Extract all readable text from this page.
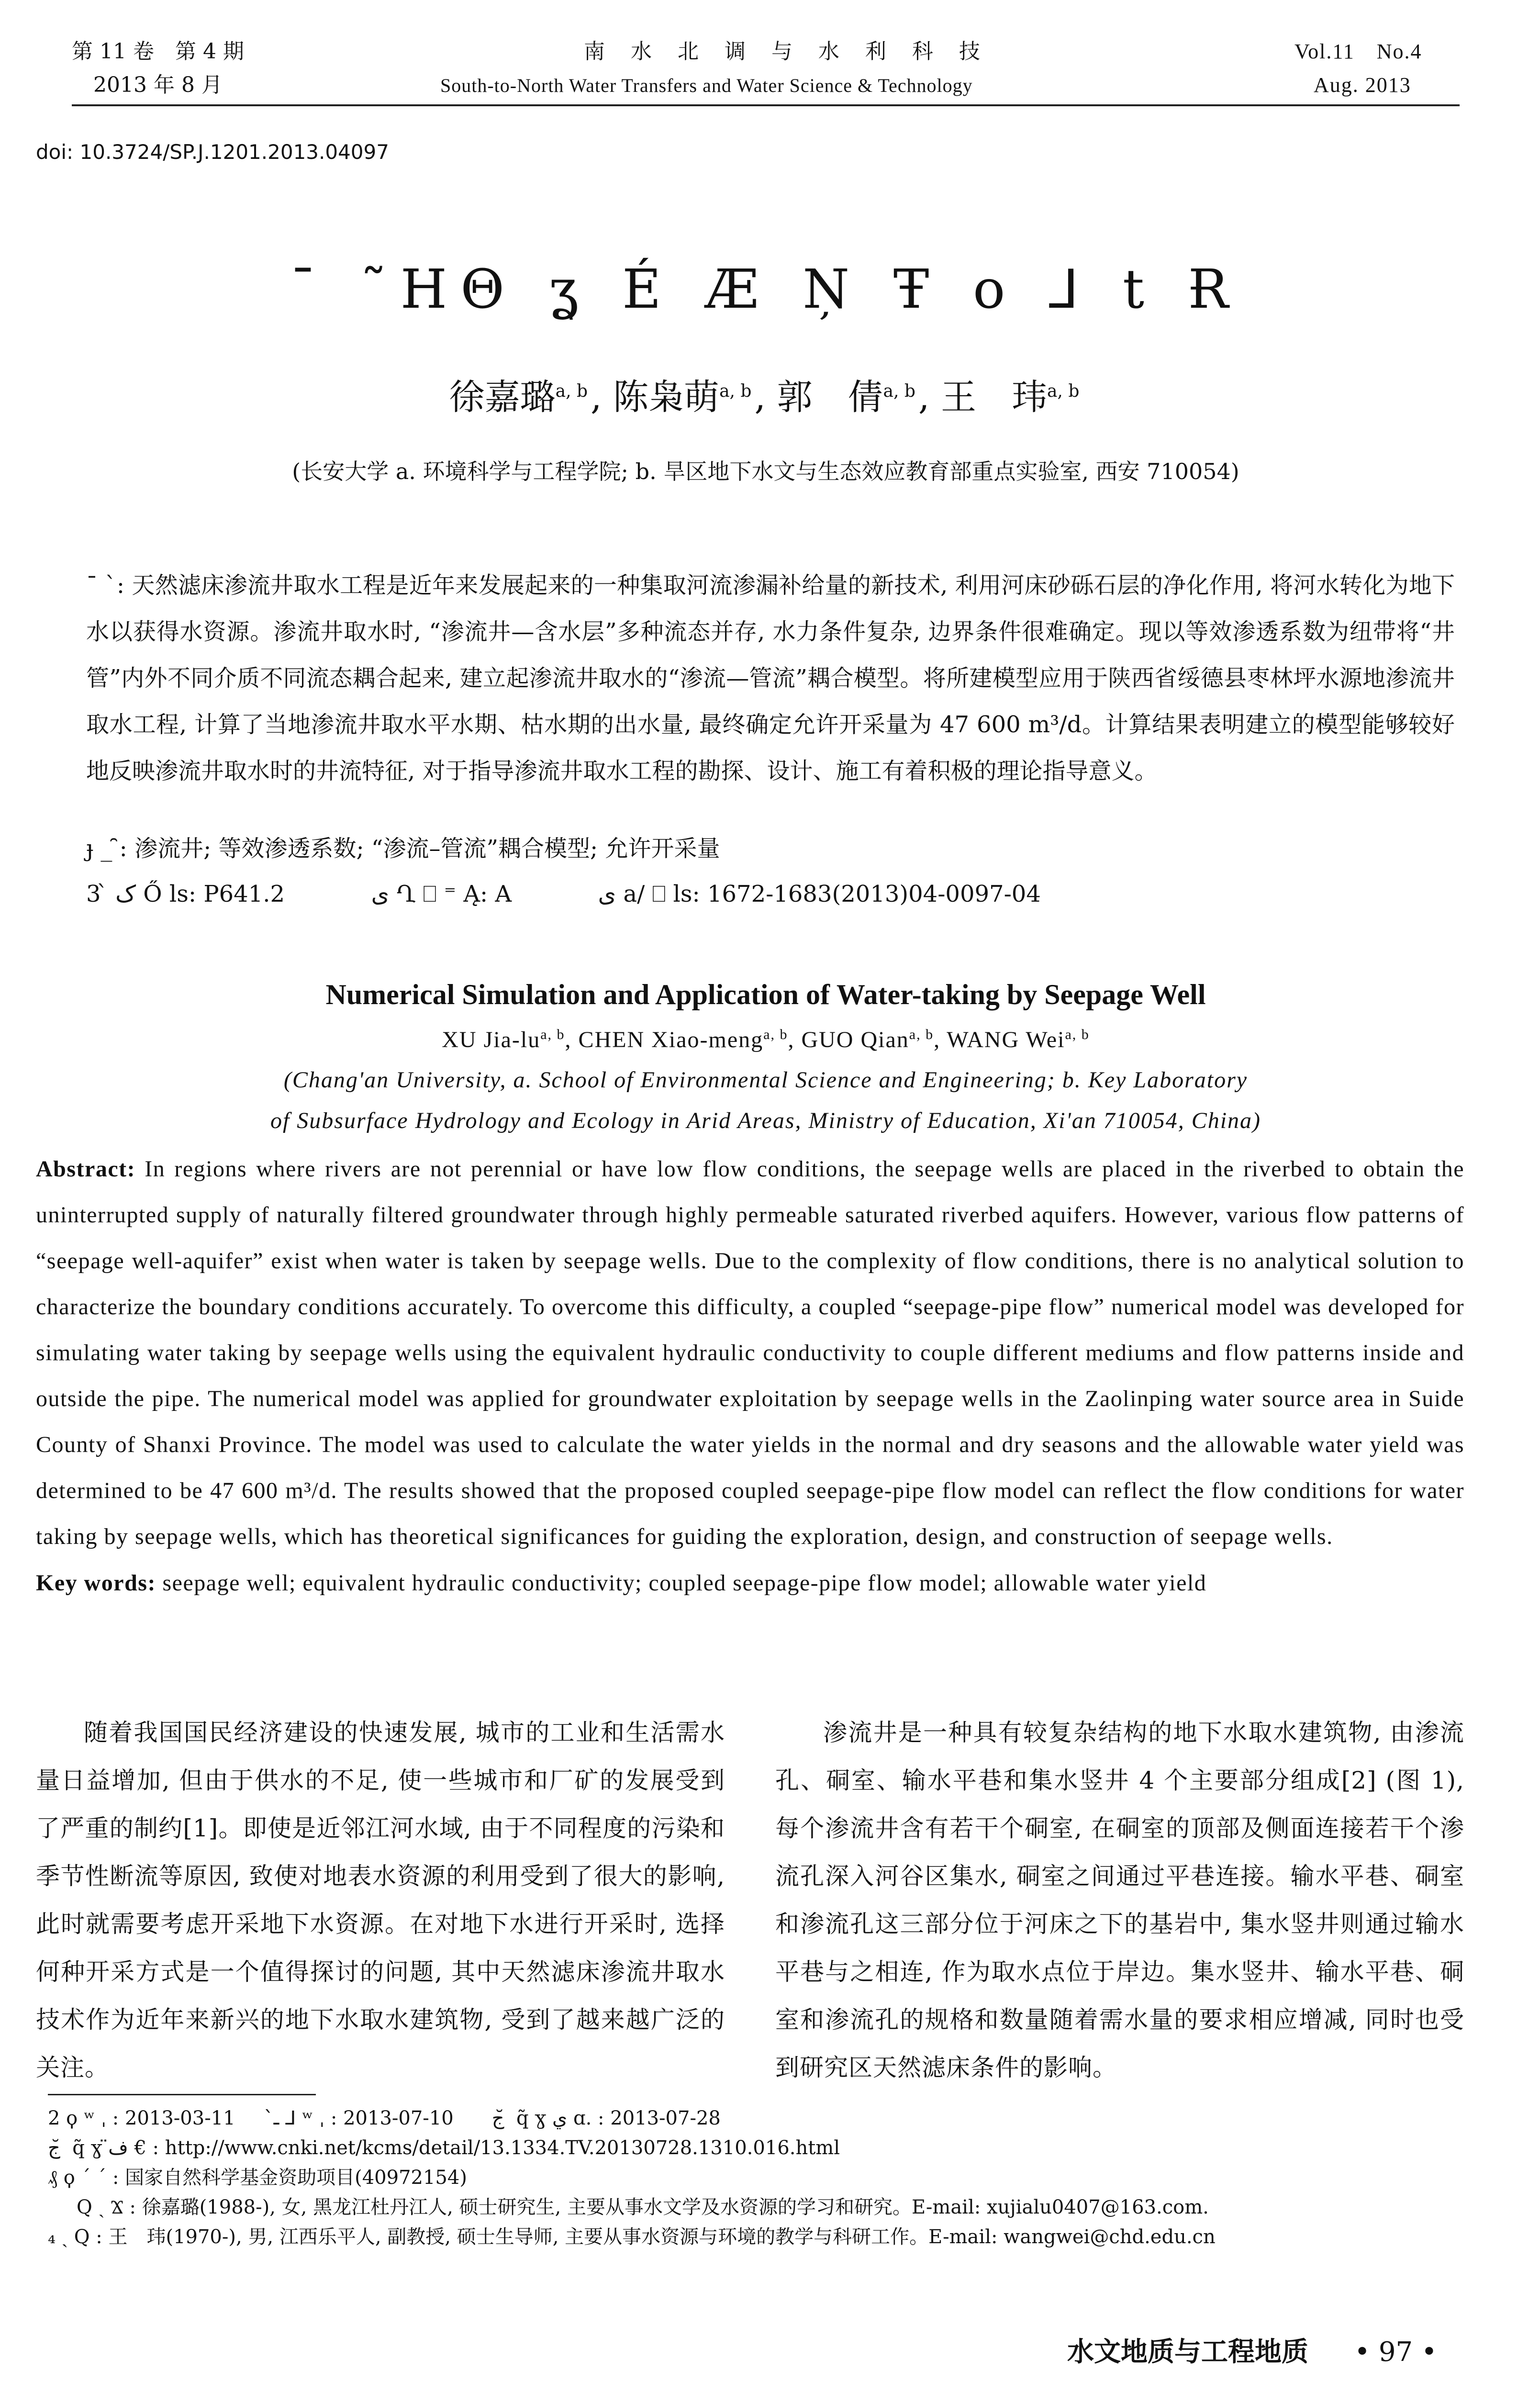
第 11 卷　第 4 期
2013 年 8 月
南 水 北 调 与 水 利 科 技
South-to-North Water Transfers and Water Science & Technology
Vol.11　No.4
Aug. 2013
doi: 10.3724/SP.J.1201.2013.04097
ˉ ˜HΘ ʓ É Æ N̦ Ŧ o ⅃ t Ɍ
徐嘉璐$^{a, b}$, 陈枭萌$^{a, b}$, 郭　倩$^{a, b}$, 王　玮$^{a, b}$
(长安大学 a. 环境科学与工程学院; b. 旱区地下水文与生态效应教育部重点实验室, 西安 710054)
ˉ ˋ: 天然滤床渗流井取水工程是近年来发展起来的一种集取河流渗漏补给量的新技术, 利用河床砂砾石层的净化作用, 将河水转化为地下水以获得水资源。渗流井取水时, “渗流井—含水层”多种流态并存, 水力条件复杂, 边界条件很难确定。现以等效渗透系数为纽带将“井管”内外不同介质不同流态耦合起来, 建立起渗流井取水的“渗流—管流”耦合模型。将所建模型应用于陕西省绥德县枣林坪水源地渗流井取水工程, 计算了当地渗流井取水平水期、枯水期的出水量, 最终确定允许开采量为 47 600 m³/d。计算结果表明建立的模型能够较好地反映渗流井取水时的井流特征, 对于指导渗流井取水工程的勘探、设计、施工有着积极的理论指导意义。
ɟ _ ̑: 渗流井; 等效渗透系数; “渗流–管流”耦合模型; 允许开采量
3 ̀ ک Ő ls: P641.2	ى Ղ ⎕ ⁼ Ą: A	ى a/ ⎕ ls: 1672-1683(2013)04-0097-04
Numerical Simulation and Application of Water-taking by Seepage Well
XU Jia-lu$^{a, b}$, CHEN Xiao-meng$^{a, b}$, GUO Qian$^{a, b}$, WANG Wei$^{a, b}$
(Chang'an University, a. School of Environmental Science and Engineering; b. Key Laboratory
of Subsurface Hydrology and Ecology in Arid Areas, Ministry of Education, Xi'an 710054, China)
Abstract: In regions where rivers are not perennial or have low flow conditions, the seepage wells are placed in the riverbed to obtain the uninterrupted supply of naturally filtered groundwater through highly permeable saturated riverbed aquifers. However, various flow patterns of “seepage well-aquifer” exist when water is taken by seepage wells. Due to the complexity of flow conditions, there is no analytical solution to characterize the boundary conditions accurately. To overcome this difficulty, a coupled “seepage-pipe flow” numerical model was developed for simulating water taking by seepage wells using the equivalent hydraulic conductivity to couple different mediums and flow patterns inside and outside the pipe. The numerical model was applied for groundwater exploitation by seepage wells in the Zaolinping water source area in Suide County of Shanxi Province. The model was used to calculate the water yields in the normal and dry seasons and the allowable water yield was determined to be 47 600 m³/d. The results showed that the proposed coupled seepage-pipe flow model can reflect the flow conditions for water taking by seepage wells, which has theoretical significances for guiding the exploration, design, and construction of seepage wells.
Key words: seepage well; equivalent hydraulic conductivity; coupled seepage-pipe flow model; allowable water yield
随着我国国民经济建设的快速发展, 城市的工业和生活需水量日益增加, 但由于供水的不足, 使一些城市和厂矿的发展受到了严重的制约[1]。即使是近邻江河水域, 由于不同程度的污染和季节性断流等原因, 致使对地表水资源的利用受到了很大的影响, 此时就需要考虑开采地下水资源。在对地下水进行开采时, 选择何种开采方式是一个值得探讨的问题, 其中天然滤床渗流井取水技术作为近年来新兴的地下水取水建筑物, 受到了越来越广泛的关注。
渗流井是一种具有较复杂结构的地下水取水建筑物, 由渗流孔、硐室、输水平巷和集水竖井 4 个主要部分组成[2] (图 1), 每个渗流井含有若干个硐室, 在硐室的顶部及侧面连接若干个渗流孔深入河谷区集水, 硐室之间通过平巷连接。输水平巷、硐室和渗流孔这三部分位于河床之下的基岩中, 集水竖井则通过输水平巷与之相连, 作为取水点位于岸边。集水竖井、输水平巷、硐室和渗流孔的规格和数量随着需水量的要求相应增减, 同时也受到研究区天然滤床条件的影响。
2 ϙ ʷ ˌ : 2013-03-11　　ـ̀ ⅃ ʷ ˌ : 2013-07-10　　ج ̆ q̃ ɣ ي ɑ. : 2013-07-28
ج ̆ q̃ ɣ ف̈ € : http://www.cnki.net/kcms/detail/13.1334.TV.20130728.1310.016.html
₰ ϙ ˊ ˊ : 国家自然科学基金资助项目(40972154)
Q ˎ Ϫ : 徐嘉璐(1988-), 女, 黑龙江杜丹江人, 硕士研究生, 主要从事水文学及水资源的学习和研究。E-mail: xujialu0407@163.com.
₄ ˎ Q : 王　玮(1970-), 男, 江西乐平人, 副教授, 硕士生导师, 主要从事水资源与环境的教学与科研工作。E-mail: wangwei@chd.edu.cn
水文地质与工程地质 • 97 •
